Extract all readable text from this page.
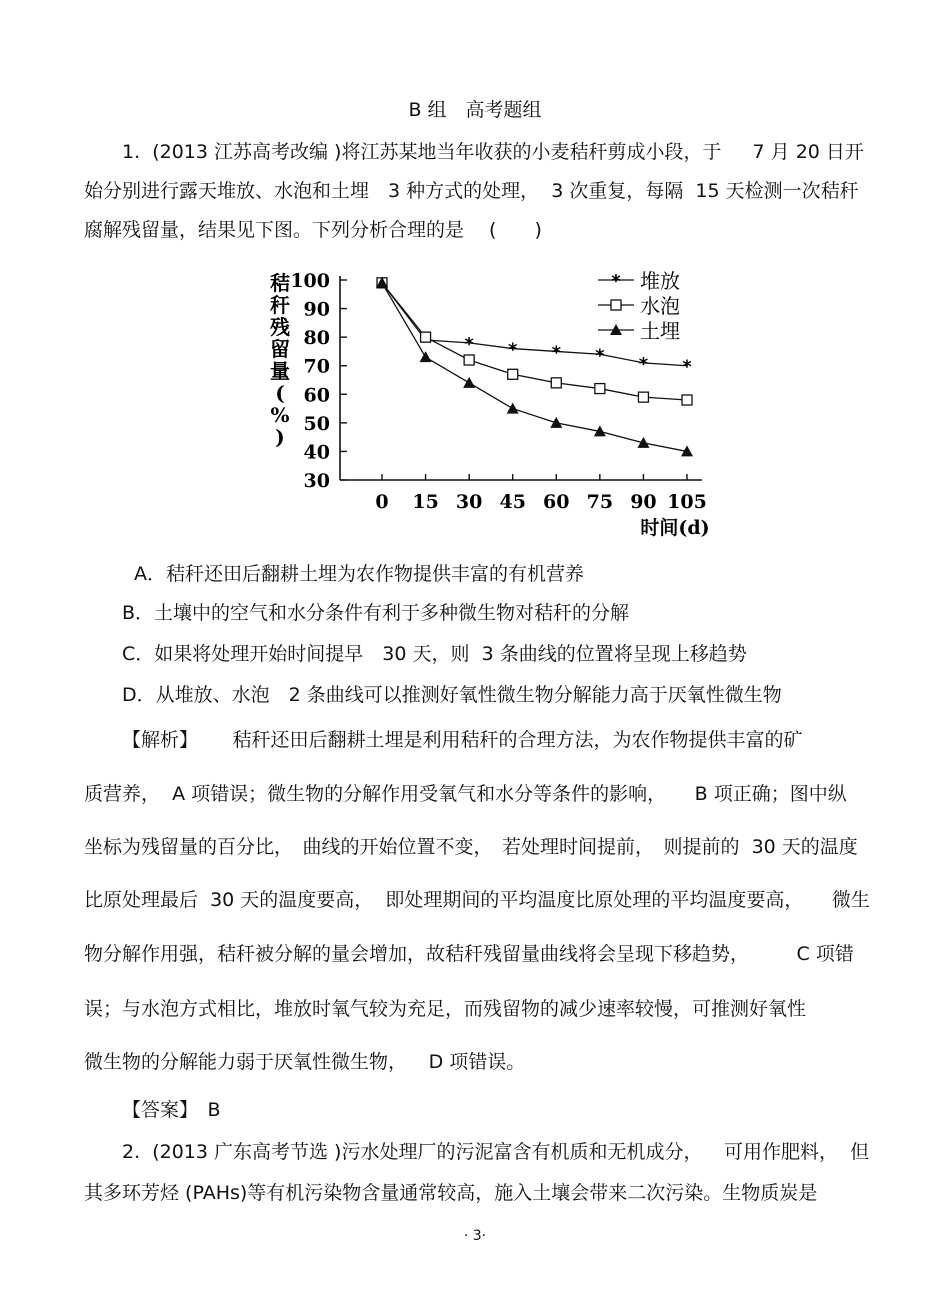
B 组　高考题组
1.  (2013 江苏高考改编 )将江苏某地当年收获的小麦秸秆剪成小段，于　  7 月 20 日开
始分别进行露天堆放、水泡和土埋　3 种方式的处理，  3 次重复，每隔  15 天检测一次秸秆
腐解残留量，结果见下图。下列分析合理的是　 (　　)
100
90
80
70
60
50
40
30
0 15 30 45 60 75 90 105
* * * * * *
* 堆放
水泡
土埋
秸秆残留量( % )
时间(d)
A．秸秆还田后翻耕土埋为农作物提供丰富的有机营养
B．土壤中的空气和水分条件有利于多种微生物对秸秆的分解
C．如果将处理开始时间提早　30 天，则  3 条曲线的位置将呈现上移趋势
D．从堆放、水泡　2 条曲线可以推测好氧性微生物分解能力高于厌氧性微生物
【解析】　　 秸秆还田后翻耕土埋是利用秸秆的合理方法，为农作物提供丰富的矿
质营养，  A 项错误；微生物的分解作用受氧气和水分等条件的影响，　　B 项正确；图中纵
坐标为残留量的百分比，　曲线的开始位置不变，　若处理时间提前，　则提前的  30 天的温度
比原处理最后  30 天的温度要高，  即处理期间的平均温度比原处理的平均温度要高，　　微生
物分解作用强，秸秆被分解的量会增加，故秸秆残留量曲线将会呈现下移趋势，　　　C 项错
误；与水泡方式相比，堆放时氧气较为充足，而残留物的减少速率较慢，可推测好氧性
微生物的分解能力弱于厌氧性微生物，　  D 项错误。
【答案】　B
2.  (2013 广东高考节选 )污水处理厂的污泥富含有机质和无机成分，　  可用作肥料，  但
其多环芳烃 (PAHs)等有机污染物含量通常较高，施入土壤会带来二次污染。生物质炭是
· 3·
